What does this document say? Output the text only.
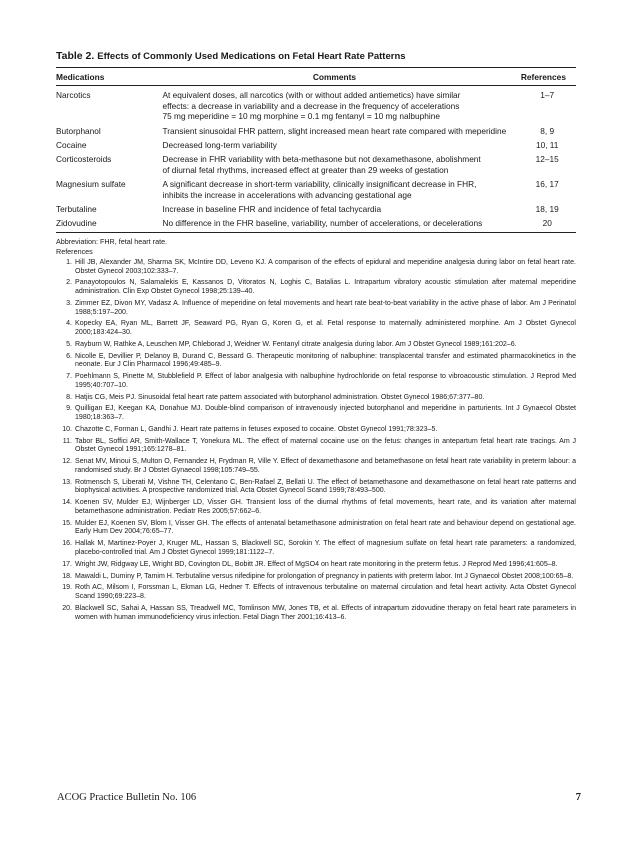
Table 2. Effects of Commonly Used Medications on Fetal Heart Rate Patterns
Medications	Comments	References
Narcotics	At equivalent doses, all narcotics (with or without added antiemetics) have similar
effects: a decrease in variability and a decrease in the frequency of accelerations
75 mg meperidine = 10 mg morphine = 0.1 mg fentanyl = 10 mg nalbuphine	1–7
Butorphanol	Transient sinusoidal FHR pattern, slight increased mean heart rate compared with meperidine	8, 9
Cocaine	Decreased long-term variability	10, 11
Corticosteroids	Decrease in FHR variability with beta-methasone but not dexamethasone, abolishment
of diurnal fetal rhythms, increased effect at greater than 29 weeks of gestation	12–15
Magnesium sulfate	A significant decrease in short-term variability, clinically insignificant decrease in FHR,
inhibits the increase in accelerations with advancing gestational age	16, 17
Terbutaline	Increase in baseline FHR and incidence of fetal tachycardia	18, 19
Zidovudine	No difference in the FHR baseline, variability, number of accelerations, or decelerations	20
Abbreviation: FHR, fetal heart rate.
References
1. Hill JB, Alexander JM, Sharma SK, McIntire DD, Leveno KJ. A comparison of the effects of epidural and meperidine analgesia during labor on fetal heart rate. Obstet Gynecol 2003;102:333–7.
2. Panayotopoulos N, Salamalekis E, Kassanos D, Vitoratos N, Loghis C, Batalias L. Intrapartum vibratory acoustic stimulation after maternal meperidine administration. Clin Exp Obstet Gynecol 1998;25:139–40.
3. Zimmer EZ, Divon MY, Vadasz A. Influence of meperidine on fetal movements and heart rate beat-to-beat variability in the active phase of labor. Am J Perinatol 1988;5:197–200.
4. Kopecky EA, Ryan ML, Barrett JF, Seaward PG, Ryan G, Koren G, et al. Fetal response to maternally administered morphine. Am J Obstet Gynecol 2000;183:424–30.
5. Rayburn W, Rathke A, Leuschen MP, Chleborad J, Weidner W. Fentanyl citrate analgesia during labor. Am J Obstet Gynecol 1989;161:202–6.
6. Nicolle E, Devillier P, Delanoy B, Durand C, Bessard G. Therapeutic monitoring of nalbuphine: transplacental transfer and estimated pharmacokinetics in the neonate. Eur J Clin Pharmacol 1996;49:485–9.
7. Poehlmann S, Pinette M, Stubblefield P. Effect of labor analgesia with nalbuphine hydrochloride on fetal response to vibroacoustic stimulation. J Reprod Med 1995;40:707–10.
8. Hatjis CG, Meis PJ. Sinusoidal fetal heart rate pattern associated with butorphanol administration. Obstet Gynecol 1986;67:377–80.
9. Quilligan EJ, Keegan KA, Donahue MJ. Double-blind comparison of intravenously injected butorphanol and meperidine in parturients. Int J Gynaecol Obstet 1980;18:363–7.
10. Chazotte C, Forman L, Gandhi J. Heart rate patterns in fetuses exposed to cocaine. Obstet Gynecol 1991;78:323–5.
11. Tabor BL, Soffici AR, Smith-Wallace T, Yonekura ML. The effect of maternal cocaine use on the fetus: changes in antepartum fetal heart rate tracings. Am J Obstet Gynecol 1991;165:1278–81.
12. Senat MV, Minoui S, Multon O, Fernandez H, Frydman R, Ville Y. Effect of dexamethasone and betamethasone on fetal heart rate variability in preterm labour: a randomised study. Br J Obstet Gynaecol 1998;105:749–55.
13. Rotmensch S, Liberati M, Vishne TH, Celentano C, Ben-Rafael Z, Bellati U. The effect of betamethasone and dexamethasone on fetal heart rate patterns and biophysical activities. A prospective randomized trial. Acta Obstet Gynecol Scand 1999;78:493–500.
14. Koenen SV, Mulder EJ, Wijnberger LD, Visser GH. Transient loss of the diurnal rhythms of fetal movements, heart rate, and its variation after maternal betamethasone administration. Pediatr Res 2005;57:662–6.
15. Mulder EJ, Koenen SV, Blom I, Visser GH. The effects of antenatal betamethasone administration on fetal heart rate and behaviour depend on gestational age. Early Hum Dev 2004;76:65–77.
16. Hallak M, Martinez-Poyer J, Kruger ML, Hassan S, Blackwell SC, Sorokin Y. The effect of magnesium sulfate on fetal heart rate parameters: a randomized, placebo-controlled trial. Am J Obstet Gynecol 1999;181:1122–7.
17. Wright JW, Ridgway LE, Wright BD, Covington DL, Bobitt JR. Effect of MgSO4 on heart rate monitoring in the preterm fetus. J Reprod Med 1996;41:605–8.
18. Mawaldi L, Duminy P, Tamim H. Terbutaline versus nifedipine for prolongation of pregnancy in patients with preterm labor. Int J Gynaecol Obstet 2008;100:65–8.
19. Roth AC, Milsom I, Forssman L, Ekman LG, Hedner T. Effects of intravenous terbutaline on maternal circulation and fetal heart activity. Acta Obstet Gynecol Scand 1990;69:223–8.
20. Blackwell SC, Sahai A, Hassan SS, Treadwell MC, Tomlinson MW, Jones TB, et al. Effects of intrapartum zidovudine therapy on fetal heart rate parameters in women with human immunodeficiency virus infection. Fetal Diagn Ther 2001;16:413–6.
ACOG Practice Bulletin No. 106	7
